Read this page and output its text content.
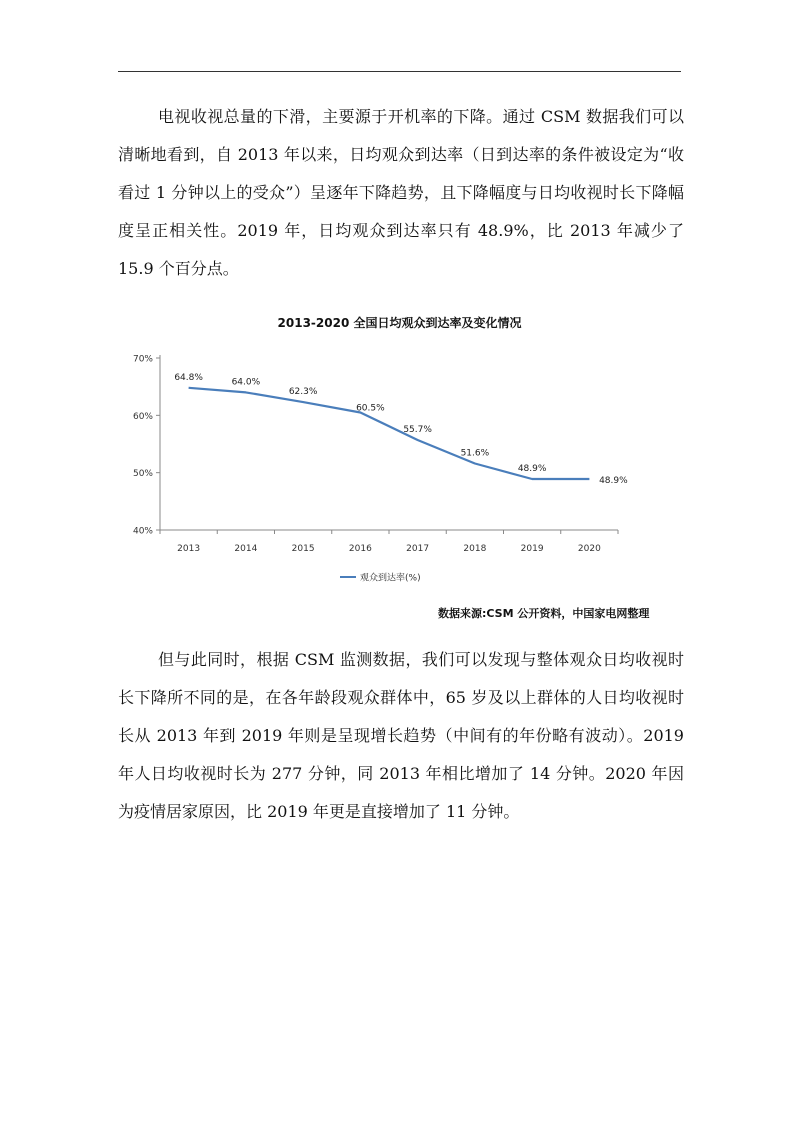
电视收视总量的下滑，主要源于开机率的下降。通过 CSM 数据我们可以清晰地看到，自 2013 年以来，日均观众到达率（日到达率的条件被设定为“收看过 1 分钟以上的受众”）呈逐年下降趋势，且下降幅度与日均收视时长下降幅度呈正相关性。2019 年，日均观众到达率只有 48.9%，比 2013 年减少了 15.9 个百分点。

2013-2020 全国日均观众到达率及变化情况
40%
50%
60%
70%
2013	2014	2015	2016	2017	2018	2019	2020
64.8%	64.0%
62.3%
60.5%
55.7%
51.6%
48.9%
48.9%
观众到达率(%)
数据来源:CSM 公开资料，中国家电网整理

但与此同时，根据 CSM 监测数据，我们可以发现与整体观众日均收视时长下降所不同的是，在各年龄段观众群体中，65 岁及以上群体的人日均收视时长从 2013 年到 2019 年则是呈现增长趋势（中间有的年份略有波动）。2019 年人日均收视时长为 277 分钟，同 2013 年相比增加了 14 分钟。2020 年因为疫情居家原因，比 2019 年更是直接增加了 11 分钟。
